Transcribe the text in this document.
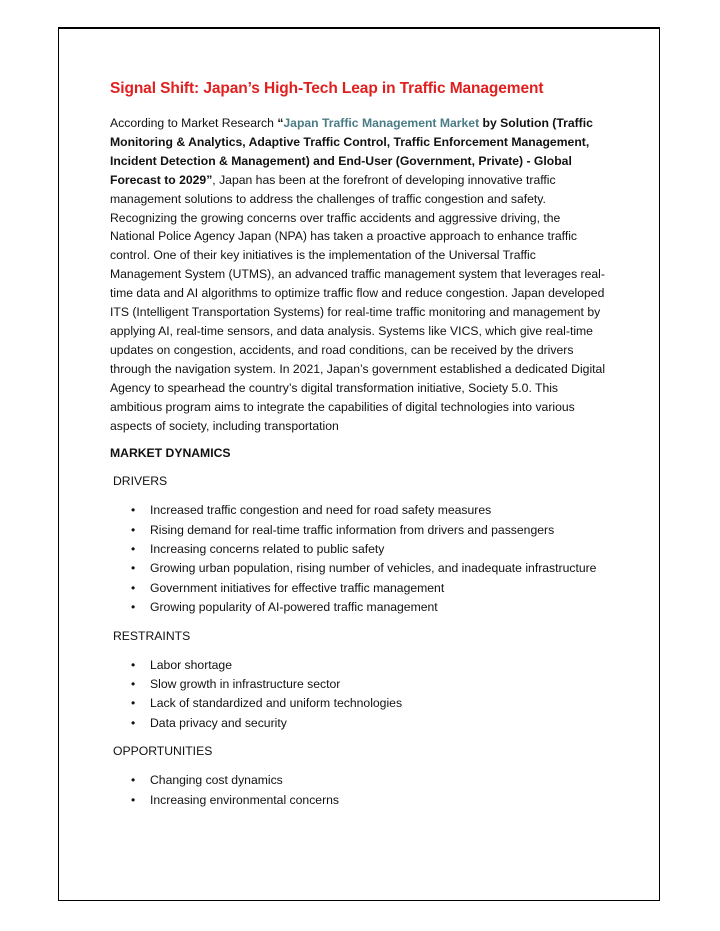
Signal Shift: Japan’s High-Tech Leap in Traffic Management

According to Market Research “Japan Traffic Management Market by Solution (Traffic Monitoring & Analytics, Adaptive Traffic Control, Traffic Enforcement Management, Incident Detection & Management) and End-User (Government, Private) - Global Forecast to 2029”, Japan has been at the forefront of developing innovative traffic management solutions to address the challenges of traffic congestion and safety. Recognizing the growing concerns over traffic accidents and aggressive driving, the National Police Agency Japan (NPA) has taken a proactive approach to enhance traffic control. One of their key initiatives is the implementation of the Universal Traffic Management System (UTMS), an advanced traffic management system that leverages real-time data and AI algorithms to optimize traffic flow and reduce congestion. Japan developed ITS (Intelligent Transportation Systems) for real-time traffic monitoring and management by applying AI, real-time sensors, and data analysis. Systems like VICS, which give real-time updates on congestion, accidents, and road conditions, can be received by the drivers through the navigation system. In 2021, Japan’s government established a dedicated Digital Agency to spearhead the country’s digital transformation initiative, Society 5.0. This ambitious program aims to integrate the capabilities of digital technologies into various aspects of society, including transportation

MARKET DYNAMICS
DRIVERS
• Increased traffic congestion and need for road safety measures
• Rising demand for real-time traffic information from drivers and passengers
• Increasing concerns related to public safety
• Growing urban population, rising number of vehicles, and inadequate infrastructure
• Government initiatives for effective traffic management
• Growing popularity of AI-powered traffic management
RESTRAINTS
• Labor shortage
• Slow growth in infrastructure sector
• Lack of standardized and uniform technologies
• Data privacy and security
OPPORTUNITIES
• Changing cost dynamics
• Increasing environmental concerns
